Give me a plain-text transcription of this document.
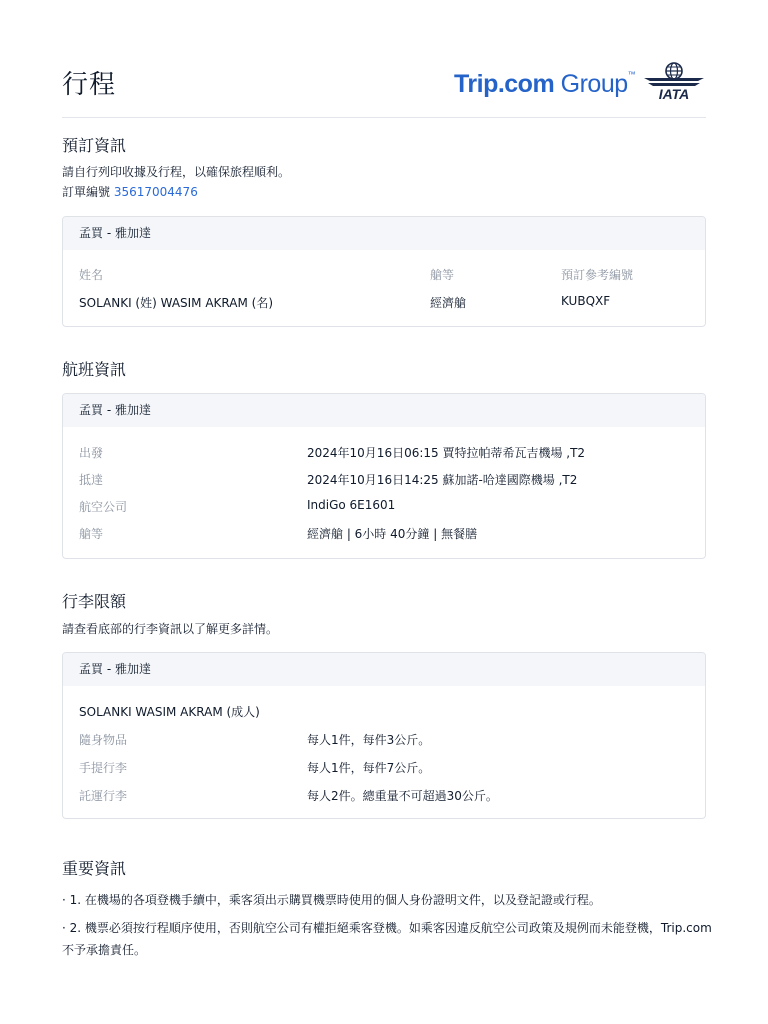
行程	Trip.com Group™
IATA
預訂資訊
請自行列印收據及行程，以確保旅程順利。
訂單編號 35617004476
孟買 - 雅加達
姓名	艙等	預訂參考編號
SOLANKI (姓) WASIM AKRAM (名)	經濟艙	KUBQXF
航班資訊
孟買 - 雅加達
出發	2024年10月16日06:15 賈特拉帕蒂希瓦吉機場 ,T2
抵達	2024年10月16日14:25 蘇加諾-哈達國際機場 ,T2
航空公司	IndiGo 6E1601
艙等	經濟艙 | 6小時 40分鐘 | 無餐膳
行李限額
請查看底部的行李資訊以了解更多詳情。
孟買 - 雅加達
SOLANKI WASIM AKRAM (成人)
隨身物品	每人1件，每件3公斤。
手提行李	每人1件，每件7公斤。
託運行李	每人2件。總重量不可超過30公斤。
重要資訊
· 1. 在機場的各項登機手續中，乘客須出示購買機票時使用的個人身份證明文件，以及登記證或行程。
· 2. 機票必須按行程順序使用，否則航空公司有權拒絕乘客登機。如乘客因違反航空公司政策及規例而未能登機，Trip.com 不予承擔責任。
